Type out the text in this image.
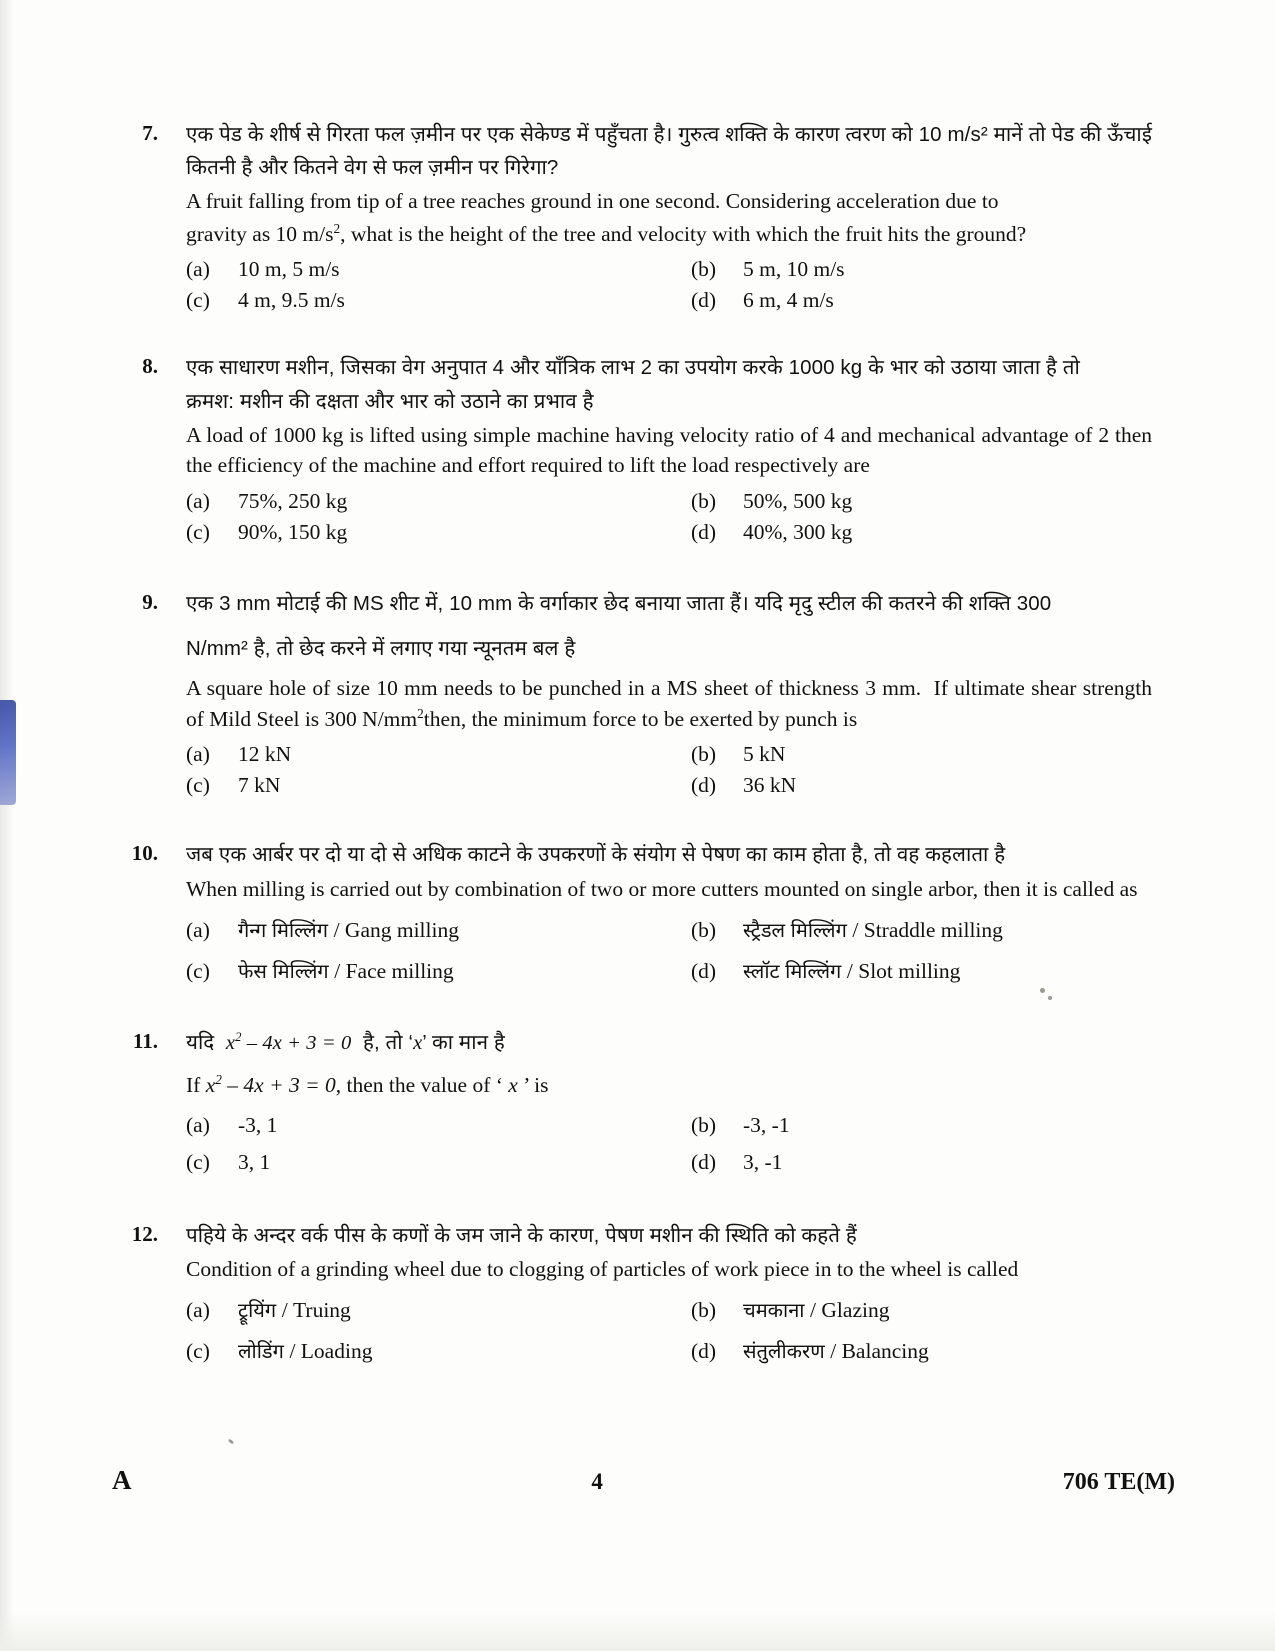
7. एक पेड के शीर्ष से गिरता फल ज़मीन पर एक सेकेण्ड में पहुँचता है। गुरुत्व शक्ति के कारण त्वरण को 10 m/s² मानें तो पेड की ऊँचाई कितनी है और कितने वेग से फल ज़मीन पर गिरेगा?
A fruit falling from tip of a tree reaches ground in one second. Considering acceleration due to
gravity as 10 $m/s^2$, what is the height of the tree and velocity with which the fruit hits the ground?
(a)	10 m, 5 m/s	(b)	5 m, 10 m/s
(c)	4 m, 9.5 m/s	(d)	6 m, 4 m/s
8. एक साधारण मशीन, जिसका वेग अनुपात 4 और याँत्रिक लाभ 2 का उपयोग करके 1000 kg के भार को उठाया जाता है तो
क्रमश: मशीन की दक्षता और भार को उठाने का प्रभाव है
A load of 1000 kg is lifted using simple machine having velocity ratio of 4 and mechanical advantage of 2 then the efficiency of the machine and effort required to lift the load respectively are
(a)	75%, 250 kg	(b)	50%, 500 kg
(c)	90%, 150 kg	(d)	40%, 300 kg
9. एक 3 mm मोटाई की MS शीट में, 10 mm के वर्गाकार छेद बनाया जाता हैं। यदि मृदु स्टील की कतरने की शक्ति 300
N/mm² है, तो छेद करने में लगाए गया न्यूनतम बल है
A square hole of size 10 mm needs to be punched in a MS sheet of thickness 3 mm.  If ultimate shear strength of Mild Steel is 300 $N/mm^2then$, the minimum force to be exerted by punch is
(a)	12 kN	(b)	5 kN
(c)	7 kN	(d)	36 kN
10. जब एक आर्बर पर दो या दो से अधिक काटने के उपकरणों के संयोग से पेषण का काम होता है, तो वह कहलाता है
When milling is carried out by combination of two or more cutters mounted on single arbor, then it is called as
(a)	गैन्ग मिल्लिंग / Gang milling	(b)	स्ट्रैडल मिल्लिंग / Straddle milling
(c)	फेस मिल्लिंग / Face milling	(d)	स्लॉट मिल्लिंग / Slot milling
11. यदि  $x^2 - 4x + 3 = 0$  है, तो ‘x’ का मान है
If $x^2 - 4x + 3 = 0$, then the value of ‘ x ’ is
(a)	-3, 1	(b)	-3, -1
(c)	3, 1	(d)	3, -1
12. पहिये के अन्दर वर्क पीस के कणों के जम जाने के कारण, पेषण मशीन की स्थिति को कहते हैं
Condition of a grinding wheel due to clogging of particles of work piece in to the wheel is called
(a)	ट्रूयिंग / Truing	(b)	चमकाना / Glazing
(c)	लोडिंग / Loading	(d)	संतुलीकरण / Balancing
A	4	706 TE(M)
